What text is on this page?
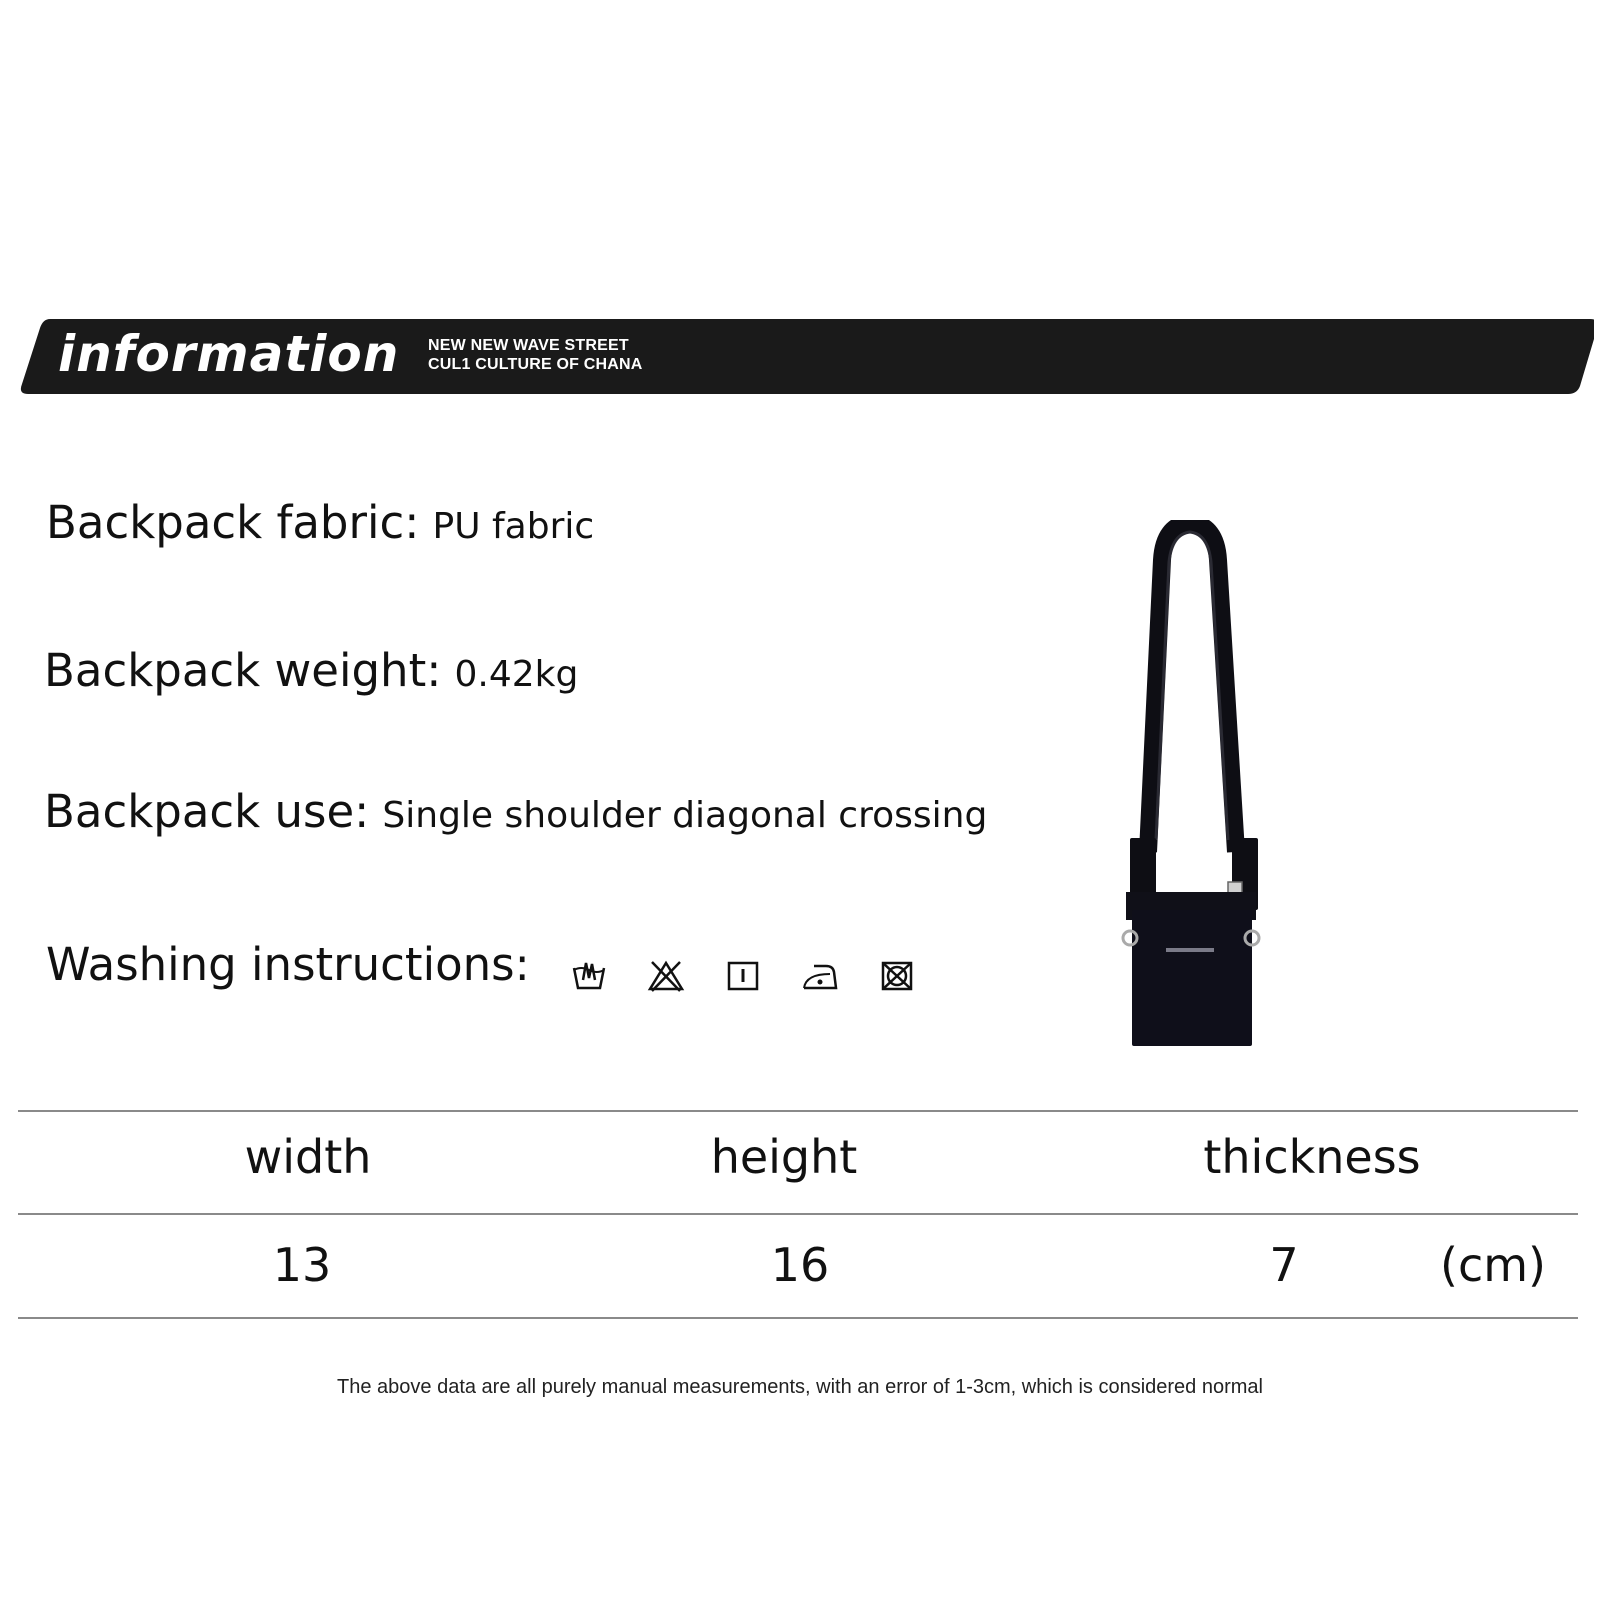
information NEW NEW WAVE STREET
CUL1 CULTURE OF CHANA
Backpack fabric: PU fabric
Backpack weight: 0.42kg
Backpack use: Single shoulder diagonal crossing
Washing instructions:
width	height	thickness
13	16	7	(cm)
The above data are all purely manual measurements, with an error of 1-3cm, which is considered normal
